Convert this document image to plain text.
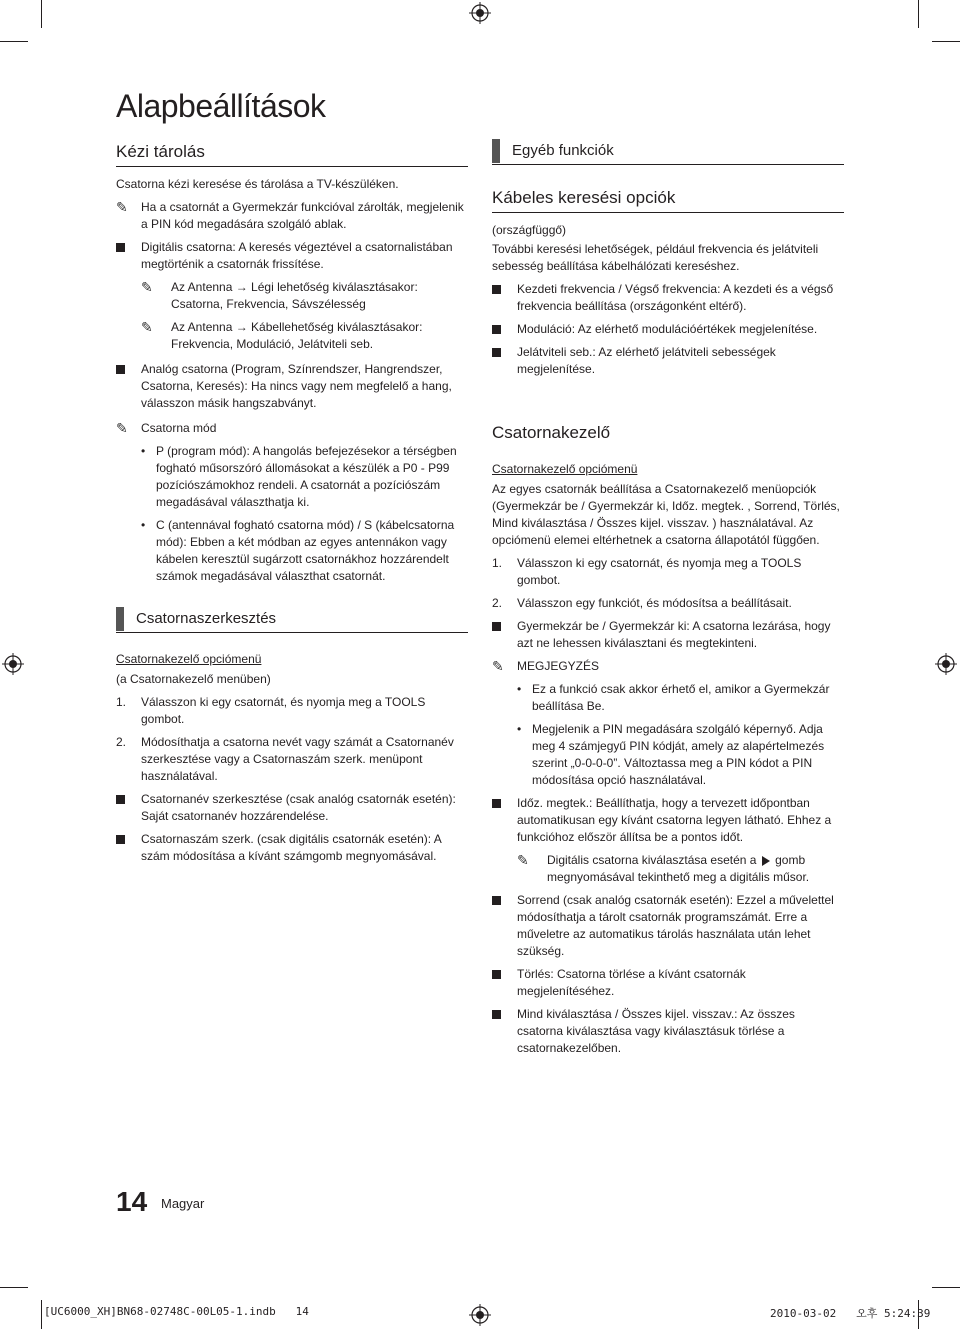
Alapbeállítások
Kézi tárolás

Csatorna kézi keresése és tárolása a TV-készüléken.

✎ Ha a csatornát a Gyermekzár funkcióval zárolták, megjelenik a PIN kód megadására szolgáló ablak.
Digitális csatorna: A keresés végeztével a csatornalistában megtörténik a csatornák frissítése.
✎ Az Antenna → Légi lehetőség kiválasztásakor: Csatorna, Frekvencia, Sávszélesség
✎ Az Antenna → Kábellehetőség kiválasztásakor: Frekvencia, Moduláció, Jelátviteli seb.
Analóg csatorna (Program, Színrendszer, Hangrendszer, Csatorna, Keresés): Ha nincs vagy nem megfelelő a hang, válasszon másik hangszabványt.
✎ Csatorna mód
• P (program mód): A hangolás befejezésekor a térségben fogható műsorszóró állomásokat a készülék a P0 - P99 pozíciószámokhoz rendeli. A csatornát a pozíciószám megadásával választhatja ki.
• C (antennával fogható csatorna mód) / S (kábelcsatorna mód): Ebben a két módban az egyes antennákon vagy kábelen keresztül sugárzott csatornákhoz hozzárendelt számok megadásával választhat csatornát.
Csatornaszerkesztés

Csatornakezelő opciómenü

(a Csatornakezelő menüben)

1. Válasszon ki egy csatornát, és nyomja meg a TOOLS gombot.
2. Módosíthatja a csatorna nevét vagy számát a Csatornanév szerkesztése vagy a Csatornaszám szerk. menüpont használatával.
Csatornanév szerkesztése (csak analóg csatornák esetén): Saját csatornanév hozzárendelése.
Csatornaszám szerk. (csak digitális csatornák esetén): A szám módosítása a kívánt számgomb megnyomásával.
Egyéb funkciók
Kábeles keresési opciók

(országfüggő)

További keresési lehetőségek, például frekvencia és jelátviteli sebesség beállítása kábelhálózati kereséshez.

Kezdeti frekvencia / Végső frekvencia: A kezdeti és a végső frekvencia beállítása (országonként eltérő).
Moduláció: Az elérhető modulációértékek megjelenítése.
Jelátviteli seb.: Az elérhető jelátviteli sebességek megjelenítése.
Csatornakezelő

Csatornakezelő opciómenü

Az egyes csatornák beállítása a Csatornakezelő menüopciók (Gyermekzár be / Gyermekzár ki, Időz. megtek. , Sorrend, Törlés, Mind kiválasztása / Összes kijel. visszav. ) használatával. Az opciómenü elemei eltérhetnek a csatorna állapotától függően.

1. Válasszon ki egy csatornát, és nyomja meg a TOOLS gombot.
2. Válasszon egy funkciót, és módosítsa a beállításait.
Gyermekzár be / Gyermekzár ki: A csatorna lezárása, hogy azt ne lehessen kiválasztani és megtekinteni.
✎ MEGJEGYZÉS
• Ez a funkció csak akkor érhető el, amikor a Gyermekzár beállítása Be.
• Megjelenik a PIN megadására szolgáló képernyő. Adja meg 4 számjegyű PIN kódját, amely az alapértelmezés szerint „0-0-0-0”. Változtassa meg a PIN kódot a PIN módosítása opció használatával.
Időz. megtek.: Beállíthatja, hogy a tervezett időpontban automatikusan egy kívánt csatorna legyen látható. Ehhez a funkcióhoz először állítsa be a pontos időt.
✎ Digitális csatorna kiválasztása esetén a gomb megnyomásával tekinthető meg a digitális műsor.
Sorrend (csak analóg csatornák esetén): Ezzel a művelettel módosíthatja a tárolt csatornák programszámát. Erre a műveletre az automatikus tárolás használata után lehet szükség.
Törlés: Csatorna törlése a kívánt csatornák megjelenítéséhez.
Mind kiválasztása / Összes kijel. visszav.: Az összes csatorna kiválasztása vagy kiválasztásuk törlése a csatornakezelőben.
14 Magyar
[UC6000_XH]BN68-02748C-00L05-1.indb   14	2010-03-02   오후 5:24:39
